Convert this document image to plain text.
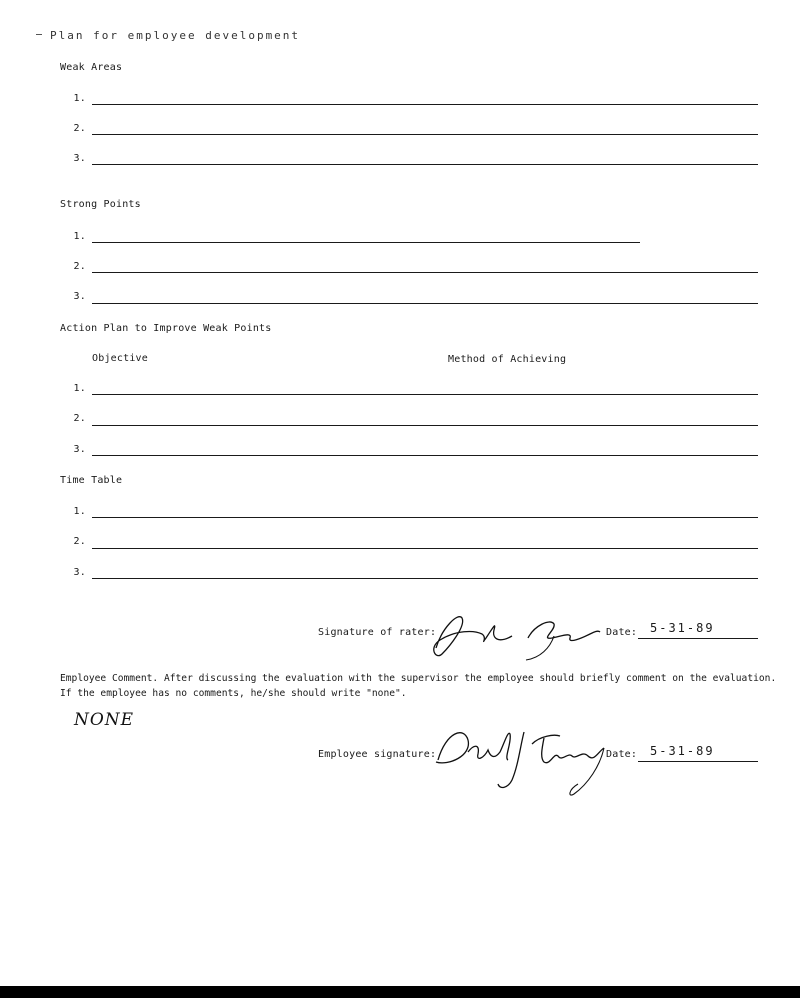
Plan for employee development
Weak Areas
1.
2.
3.
Strong Points
1.
2.
3.
Action Plan to Improve Weak Points
Objective	Method of Achieving
1.
2.
3.
Time Table
1.
2.
3.
Signature of rater:	Date: 5-31-89
Employee Comment. After discussing the evaluation with the supervisor the employee should briefly comment on the evaluation.
If the employee has no comments, he/she should write "none".
NONE
Employee signature:	Date: 5-31-89
